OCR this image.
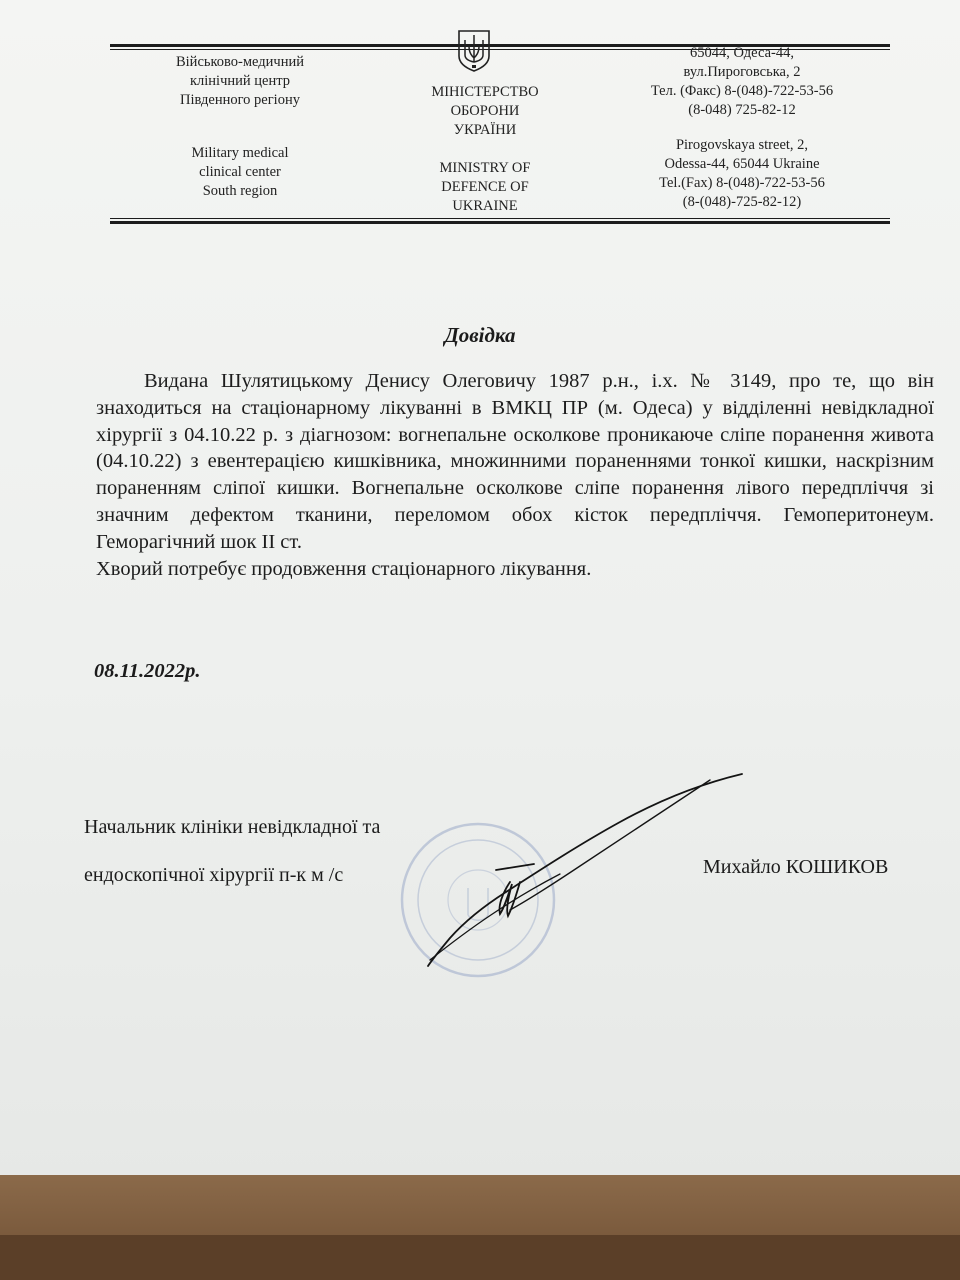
Військово-медичний
клінічний центр
Південного регіону
Military medical
clinical center
South region
МІНІСТЕРСТВО
ОБОРОНИ
УКРАЇНИ
MINISTRY OF
DEFENCE OF
UKRAINE
65044, Одеса-44,
вул.Пироговська, 2
Тел. (Факс) 8-(048)-722-53-56
(8-048) 725-82-12
Pirogovskaya street, 2,
Odessa-44, 65044 Ukraine
Tel.(Fax) 8-(048)-722-53-56
(8-(048)-725-82-12)
Довідка

Видана Шулятицькому Денису Олеговичу 1987 р.н., і.х. № 3149, про те, що він знаходиться на стаціонарному лікуванні в ВМКЦ ПР (м. Одеса) у відділенні невідкладної хірургії з 04.10.22 р. з діагнозом: вогнепальне осколкове проникаюче сліпе поранення живота (04.10.22) з евентерацією кишківника, множинними пораненнями тонкої кишки, наскрізним пораненням сліпої кишки. Вогнепальне осколкове сліпе поранення лівого передпліччя зі значним дефектом тканини, переломом обох кісток передпліччя. Гемоперитонеум. Геморагічний шок ІІ ст.

Хворий потребує продовження стаціонарного лікування.

08.11.2022р.
Начальник клініки невідкладної та
ендоскопічної хірургії п-к м /с	Михайло КОШИКОВ
